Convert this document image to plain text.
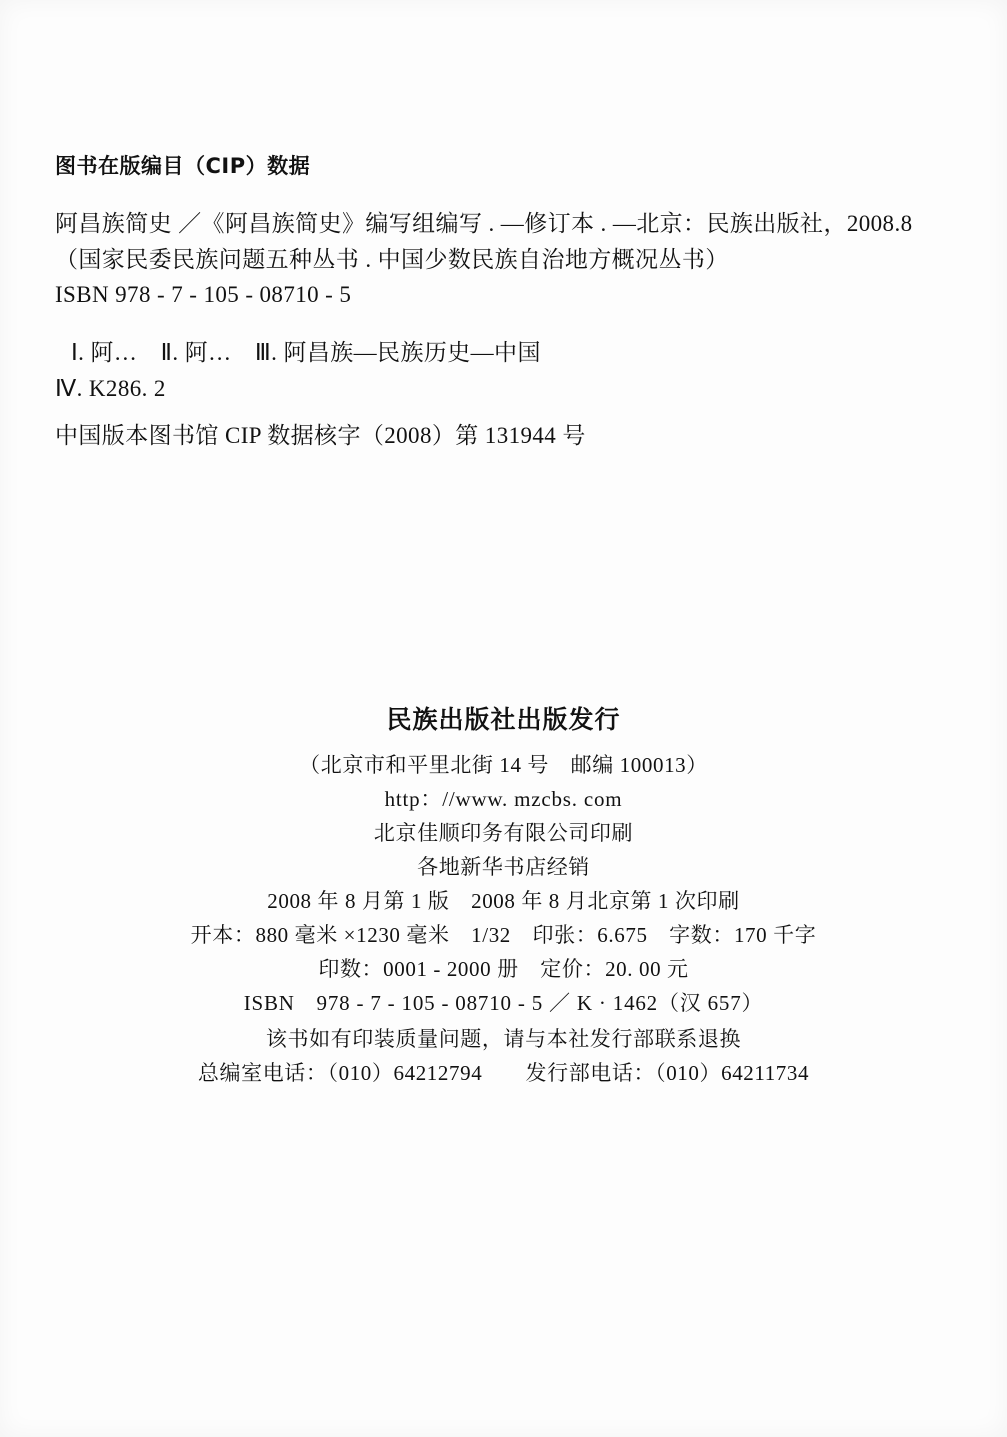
图书在版编目（CIP）数据
阿昌族简史 ／《阿昌族简史》编写组编写 . —修订本 . —北京：民族出版社，2008.8
（国家民委民族问题五种丛书 . 中国少数民族自治地方概况丛书）
ISBN 978 - 7 - 105 - 08710 - 5
Ⅰ. 阿…　Ⅱ. 阿…　Ⅲ. 阿昌族—民族历史—中国
Ⅳ. K286. 2
中国版本图书馆 CIP 数据核字（2008）第 131944 号
民族出版社出版发行
（北京市和平里北街 14 号　邮编 100013）
http：//www. mzcbs. com
北京佳顺印务有限公司印刷
各地新华书店经销
2008 年 8 月第 1 版　2008 年 8 月北京第 1 次印刷
开本：880 毫米 ×1230 毫米　1/32　印张：6.675　字数：170 千字
印数：0001 - 2000 册　定价：20. 00 元
ISBN　978 - 7 - 105 - 08710 - 5 ／ K · 1462（汉 657）
该书如有印装质量问题，请与本社发行部联系退换
总编室电话：（010）64212794　　发行部电话：（010）64211734
